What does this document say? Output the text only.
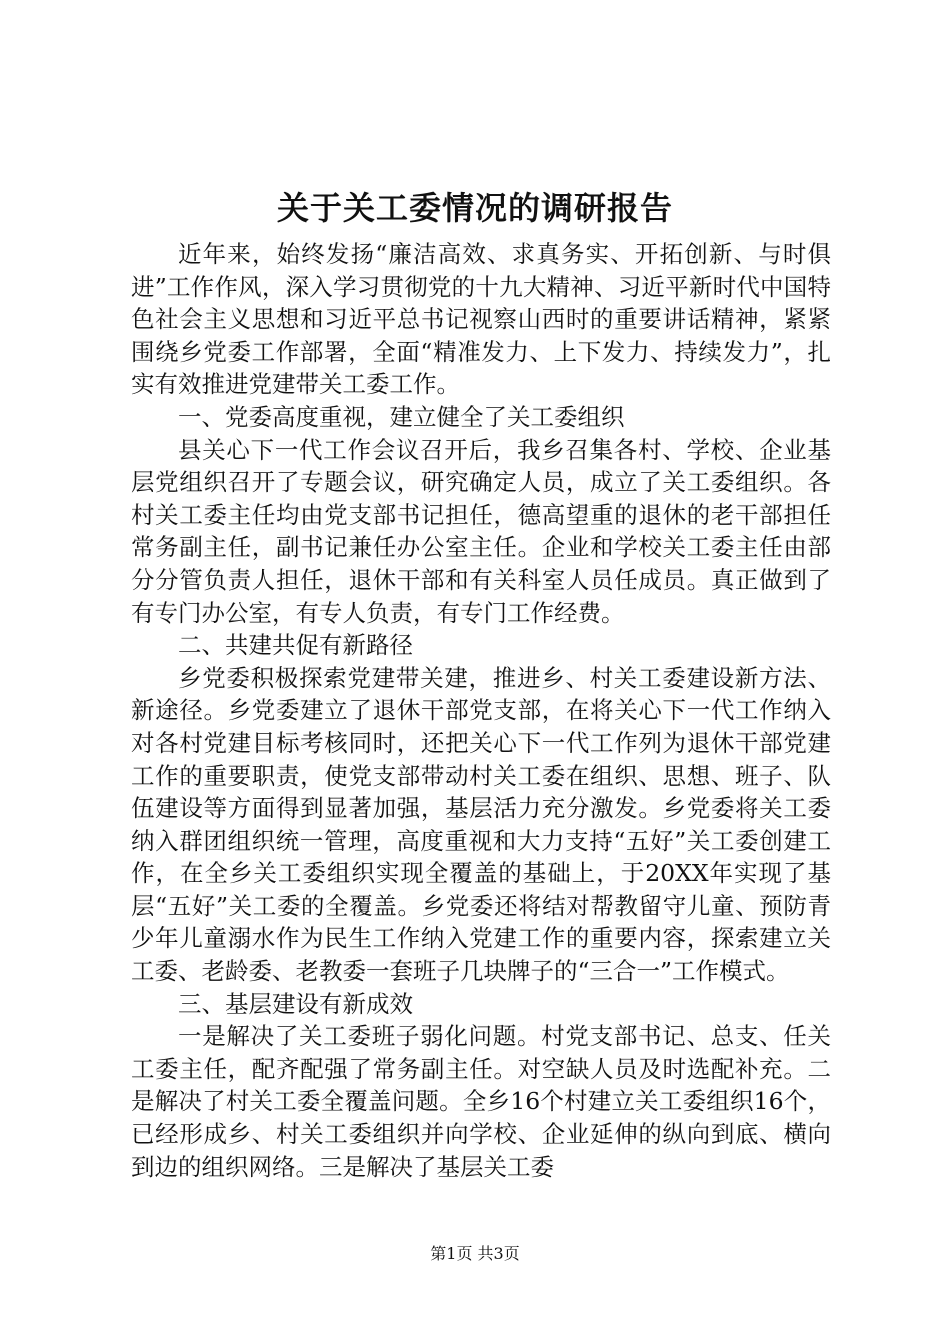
关于关工委情况的调研报告

近年来，始终发扬“廉洁高效、求真务实、开拓创新、与时俱进”工作作风，深入学习贯彻党的十九大精神、习近平新时代中国特色社会主义思想和习近平总书记视察山西时的重要讲话精神，紧紧围绕乡党委工作部署，全面“精准发力、上下发力、持续发力”，扎实有效推进党建带关工委工作。

一、党委高度重视，建立健全了关工委组织

县关心下一代工作会议召开后，我乡召集各村、学校、企业基层党组织召开了专题会议，研究确定人员，成立了关工委组织。各村关工委主任均由党支部书记担任，德高望重的退休的老干部担任常务副主任，副书记兼任办公室主任。企业和学校关工委主任由部分分管负责人担任，退休干部和有关科室人员任成员。真正做到了有专门办公室，有专人负责，有专门工作经费。

二、共建共促有新路径

乡党委积极探索党建带关建，推进乡、村关工委建设新方法、新途径。乡党委建立了退休干部党支部，在将关心下一代工作纳入对各村党建目标考核同时，还把关心下一代工作列为退休干部党建工作的重要职责，使党支部带动村关工委在组织、思想、班子、队伍建设等方面得到显著加强，基层活力充分激发。乡党委将关工委纳入群团组织统一管理，高度重视和大力支持“五好”关工委创建工作，在全乡关工委组织实现全覆盖的基础上，于20XX年实现了基层“五好”关工委的全覆盖。乡党委还将结对帮教留守儿童、预防青少年儿童溺水作为民生工作纳入党建工作的重要内容，探索建立关工委、老龄委、老教委一套班子几块牌子的“三合一”工作模式。

三、基层建设有新成效

一是解决了关工委班子弱化问题。村党支部书记、总支、任关工委主任，配齐配强了常务副主任。对空缺人员及时选配补充。二是解决了村关工委全覆盖问题。全乡16个村建立关工委组织16个，已经形成乡、村关工委组织并向学校、企业延伸的纵向到底、横向到边的组织网络。三是解决了基层关工委

第1页 共3页
